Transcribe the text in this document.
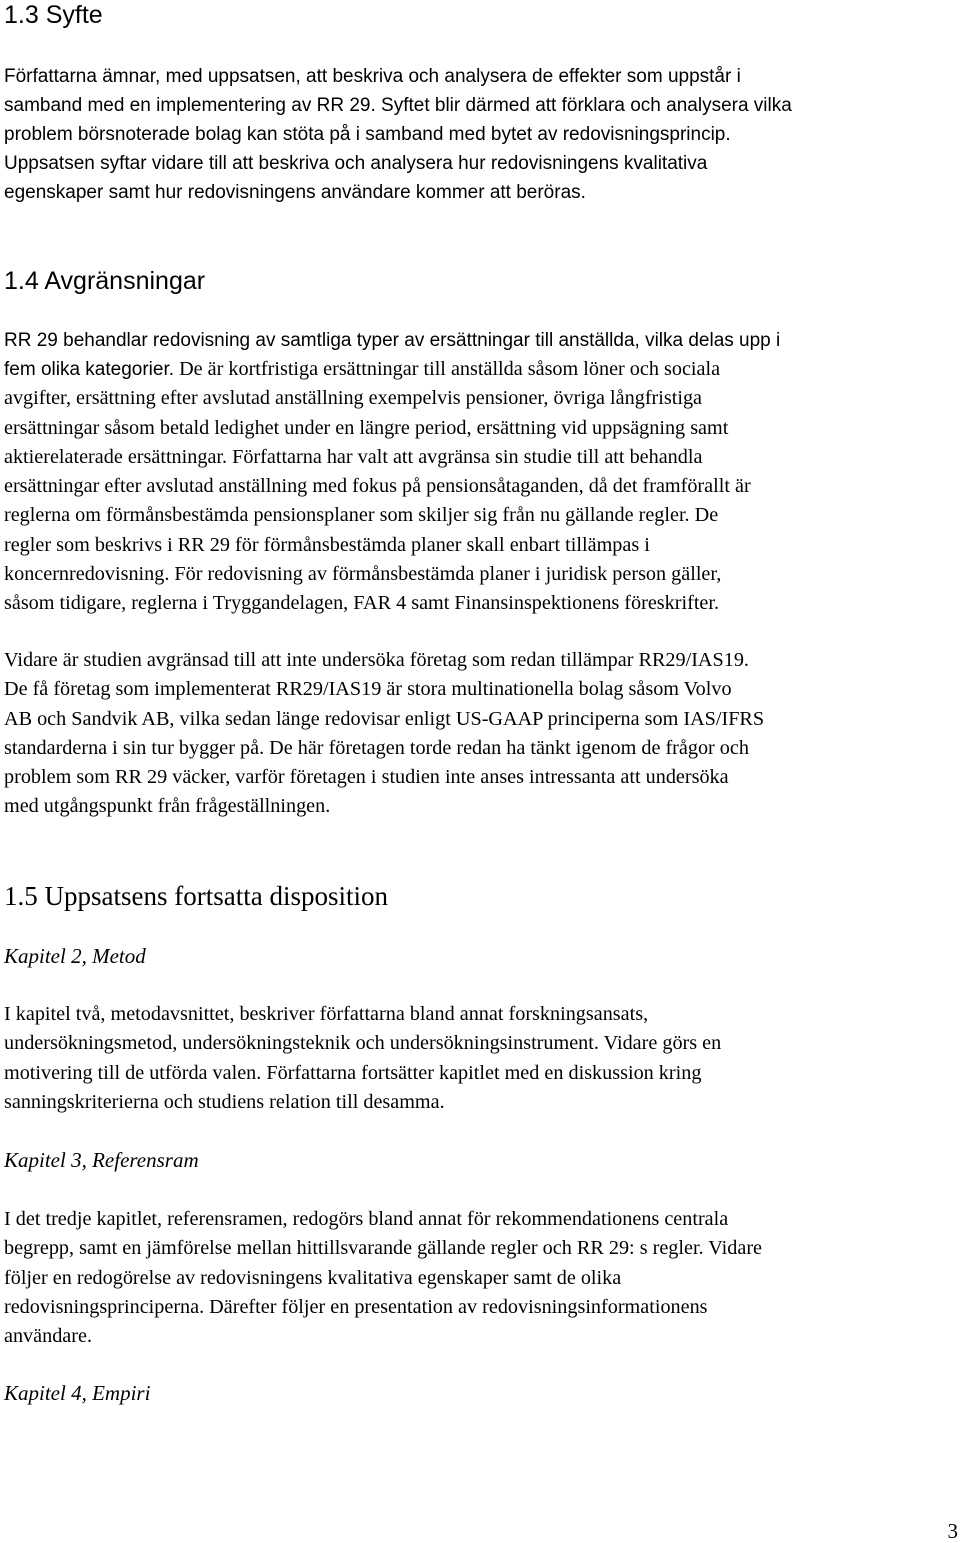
1.3 Syfte

Författarna ämnar, med uppsatsen, att beskriva och analysera de effekter som uppstår i
samband med en implementering av RR 29. Syftet blir därmed att förklara och analysera vilka
problem börsnoterade bolag kan stöta på i samband med bytet av redovisningsprincip.
Uppsatsen syftar vidare till att beskriva och analysera hur redovisningens kvalitativa
egenskaper samt hur redovisningens användare kommer att beröras.

1.4 Avgränsningar

RR 29 behandlar redovisning av samtliga typer av ersättningar till anställda, vilka delas upp i
fem olika kategorier. De är kortfristiga ersättningar till anställda såsom löner och sociala
avgifter, ersättning efter avslutad anställning exempelvis pensioner, övriga långfristiga
ersättningar såsom betald ledighet under en längre period, ersättning vid uppsägning samt
aktierelaterade ersättningar. Författarna har valt att avgränsa sin studie till att behandla
ersättningar efter avslutad anställning med fokus på pensionsåtaganden, då det framförallt är
reglerna om förmånsbestämda pensionsplaner som skiljer sig från nu gällande regler. De
regler som beskrivs i RR 29 för förmånsbestämda planer skall enbart tillämpas i
koncernredovisning. För redovisning av förmånsbestämda planer i juridisk person gäller,
såsom tidigare, reglerna i Tryggandelagen, FAR 4 samt Finansinspektionens föreskrifter.

Vidare är studien avgränsad till att inte undersöka företag som redan tillämpar RR29/IAS19.
De få företag som implementerat RR29/IAS19 är stora multinationella bolag såsom Volvo
AB och Sandvik AB, vilka sedan länge redovisar enligt US-GAAP principerna som IAS/IFRS
standarderna i sin tur bygger på. De här företagen torde redan ha tänkt igenom de frågor och
problem som RR 29 väcker, varför företagen i studien inte anses intressanta att undersöka
med utgångspunkt från frågeställningen.

1.5 Uppsatsens fortsatta disposition
Kapitel 2, Metod

I kapitel två, metodavsnittet, beskriver författarna bland annat forskningsansats,
undersökningsmetod, undersökningsteknik och undersökningsinstrument. Vidare görs en
motivering till de utförda valen. Författarna fortsätter kapitlet med en diskussion kring
sanningskriterierna och studiens relation till desamma.

Kapitel 3, Referensram

I det tredje kapitlet, referensramen, redogörs bland annat för rekommendationens centrala
begrepp, samt en jämförelse mellan hittillsvarande gällande regler och RR 29: s regler. Vidare
följer en redogörelse av redovisningens kvalitativa egenskaper samt de olika
redovisningsprinciperna. Därefter följer en presentation av redovisningsinformationens
användare.

Kapitel 4, Empiri
3
